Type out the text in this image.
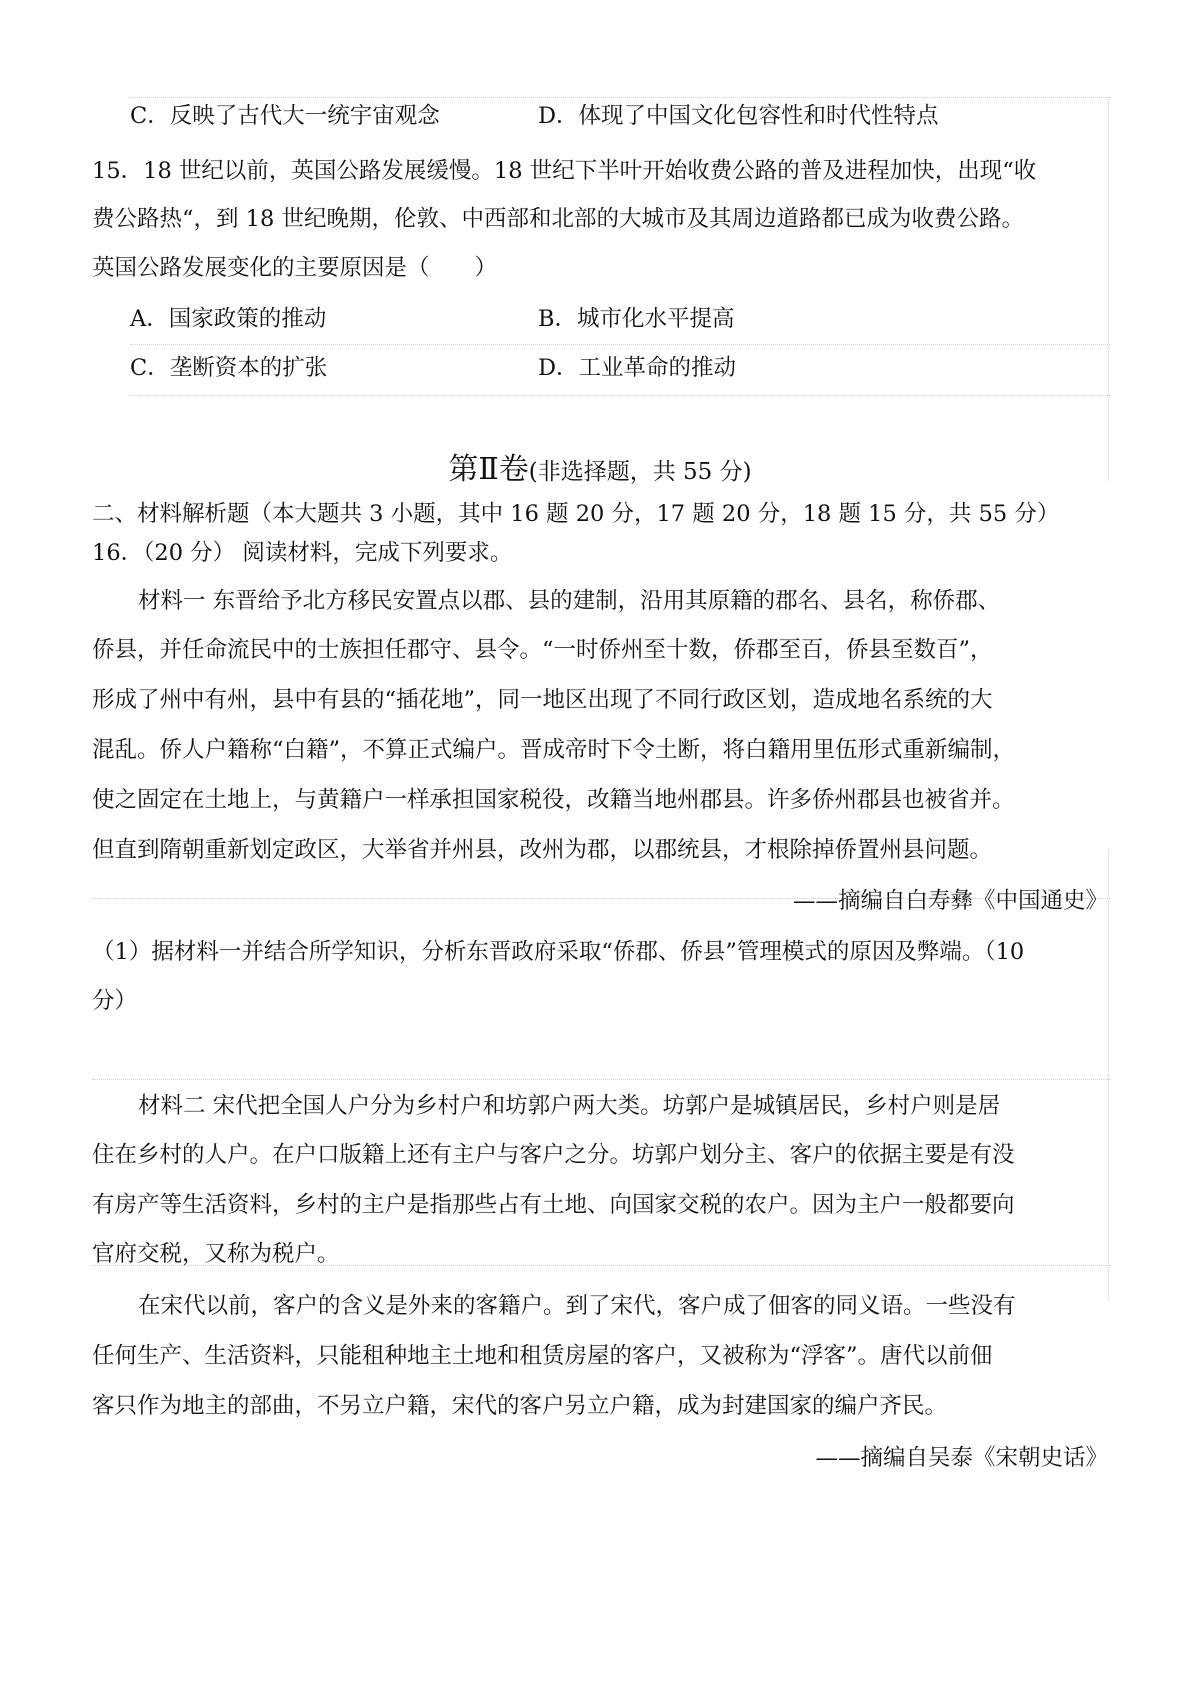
C．反映了古代大一统宇宙观念	D．体现了中国文化包容性和时代性特点
15．18 世纪以前，英国公路发展缓慢。18 世纪下半叶开始收费公路的普及进程加快，出现“收
费公路热“，到 18 世纪晚期，伦敦、中西部和北部的大城市及其周边道路都已成为收费公路。
英国公路发展变化的主要原因是（　　）
A．国家政策的推动	B．城市化水平提高
C．垄断资本的扩张	D．工业革命的推动
第Ⅱ卷(非选择题，共 55 分)
二、材料解析题（本大题共 3 小题，其中 16 题 20 分，17 题 20 分，18 题 15 分，共 55 分）
16．（20 分） 阅读材料，完成下列要求。
材料一 东晋给予北方移民安置点以郡、县的建制，沿用其原籍的郡名、县名，称侨郡、
侨县，并任命流民中的士族担任郡守、县令。“一时侨州至十数，侨郡至百，侨县至数百”，
形成了州中有州，县中有县的“插花地”，同一地区出现了不同行政区划，造成地名系统的大
混乱。侨人户籍称“白籍”，不算正式编户。晋成帝时下令土断，将白籍用里伍形式重新编制，
使之固定在土地上，与黄籍户一样承担国家税役，改籍当地州郡县。许多侨州郡县也被省并。
但直到隋朝重新划定政区，大举省并州县，改州为郡，以郡统县，才根除掉侨置州县问题。
——摘编自白寿彝《中国通史》
（1）据材料一并结合所学知识，分析东晋政府采取“侨郡、侨县”管理模式的原因及弊端。（10
分）
材料二 宋代把全国人户分为乡村户和坊郭户两大类。坊郭户是城镇居民，乡村户则是居
住在乡村的人户。在户口版籍上还有主户与客户之分。坊郭户划分主、客户的依据主要是有没
有房产等生活资料，乡村的主户是指那些占有土地、向国家交税的农户。因为主户一般都要向
官府交税，又称为税户。
在宋代以前，客户的含义是外来的客籍户。到了宋代，客户成了佃客的同义语。一些没有
任何生产、生活资料，只能租种地主土地和租赁房屋的客户，又被称为“浮客”。唐代以前佃
客只作为地主的部曲，不另立户籍，宋代的客户另立户籍，成为封建国家的编户齐民。
——摘编自吴泰《宋朝史话》
